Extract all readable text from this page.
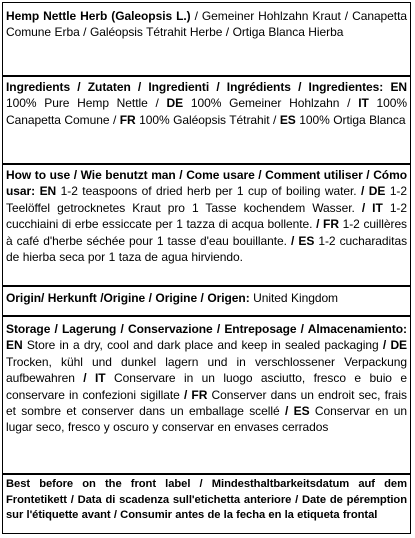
Hemp Nettle Herb (Galeopsis L.) / Gemeiner Hohlzahn Kraut / Canapetta Comune Erba / Galéopsis Tétrahit Herbe / Ortiga Blanca Hierba
Ingredients / Zutaten / Ingredienti / Ingrédients / Ingredientes: EN 100% Pure Hemp Nettle / DE 100% Gemeiner Hohlzahn / IT 100% Canapetta Comune / FR 100% Galéopsis Tétrahit / ES 100% Ortiga Blanca
How to use / Wie benutzt man / Come usare / Comment utiliser / Cómo usar: EN 1-2 teaspoons of dried herb per 1 cup of boiling water. / DE 1-2 Teelöffel getrocknetes Kraut pro 1 Tasse kochendem Wasser. / IT 1-2 cucchiaini di erbe essiccate per 1 tazza di acqua bollente. / FR 1-2 cuillères à café d'herbe séchée pour 1 tasse d'eau bouillante. / ES 1-2 cucharaditas de hierba seca por 1 taza de agua hirviendo.
Origin/ Herkunft /Origine / Origine / Origen: United Kingdom
Storage / Lagerung / Conservazione / Entreposage / Almacenamiento: EN Store in a dry, cool and dark place and keep in sealed packaging / DE Trocken, kühl und dunkel lagern und in verschlossener Verpackung aufbewahren / IT Conservare in un luogo asciutto, fresco e buio e conservare in confezioni sigillate / FR Conserver dans un endroit sec, frais et sombre et conserver dans un emballage scellé / ES Conservar en un lugar seco, fresco y oscuro y conservar en envases cerrados
Best before on the front label / Mindesthaltbarkeitsdatum auf dem Frontetikett / Data di scadenza sull'etichetta anteriore / Date de péremption sur l'étiquette avant / Consumir antes de la fecha en la etiqueta frontal
